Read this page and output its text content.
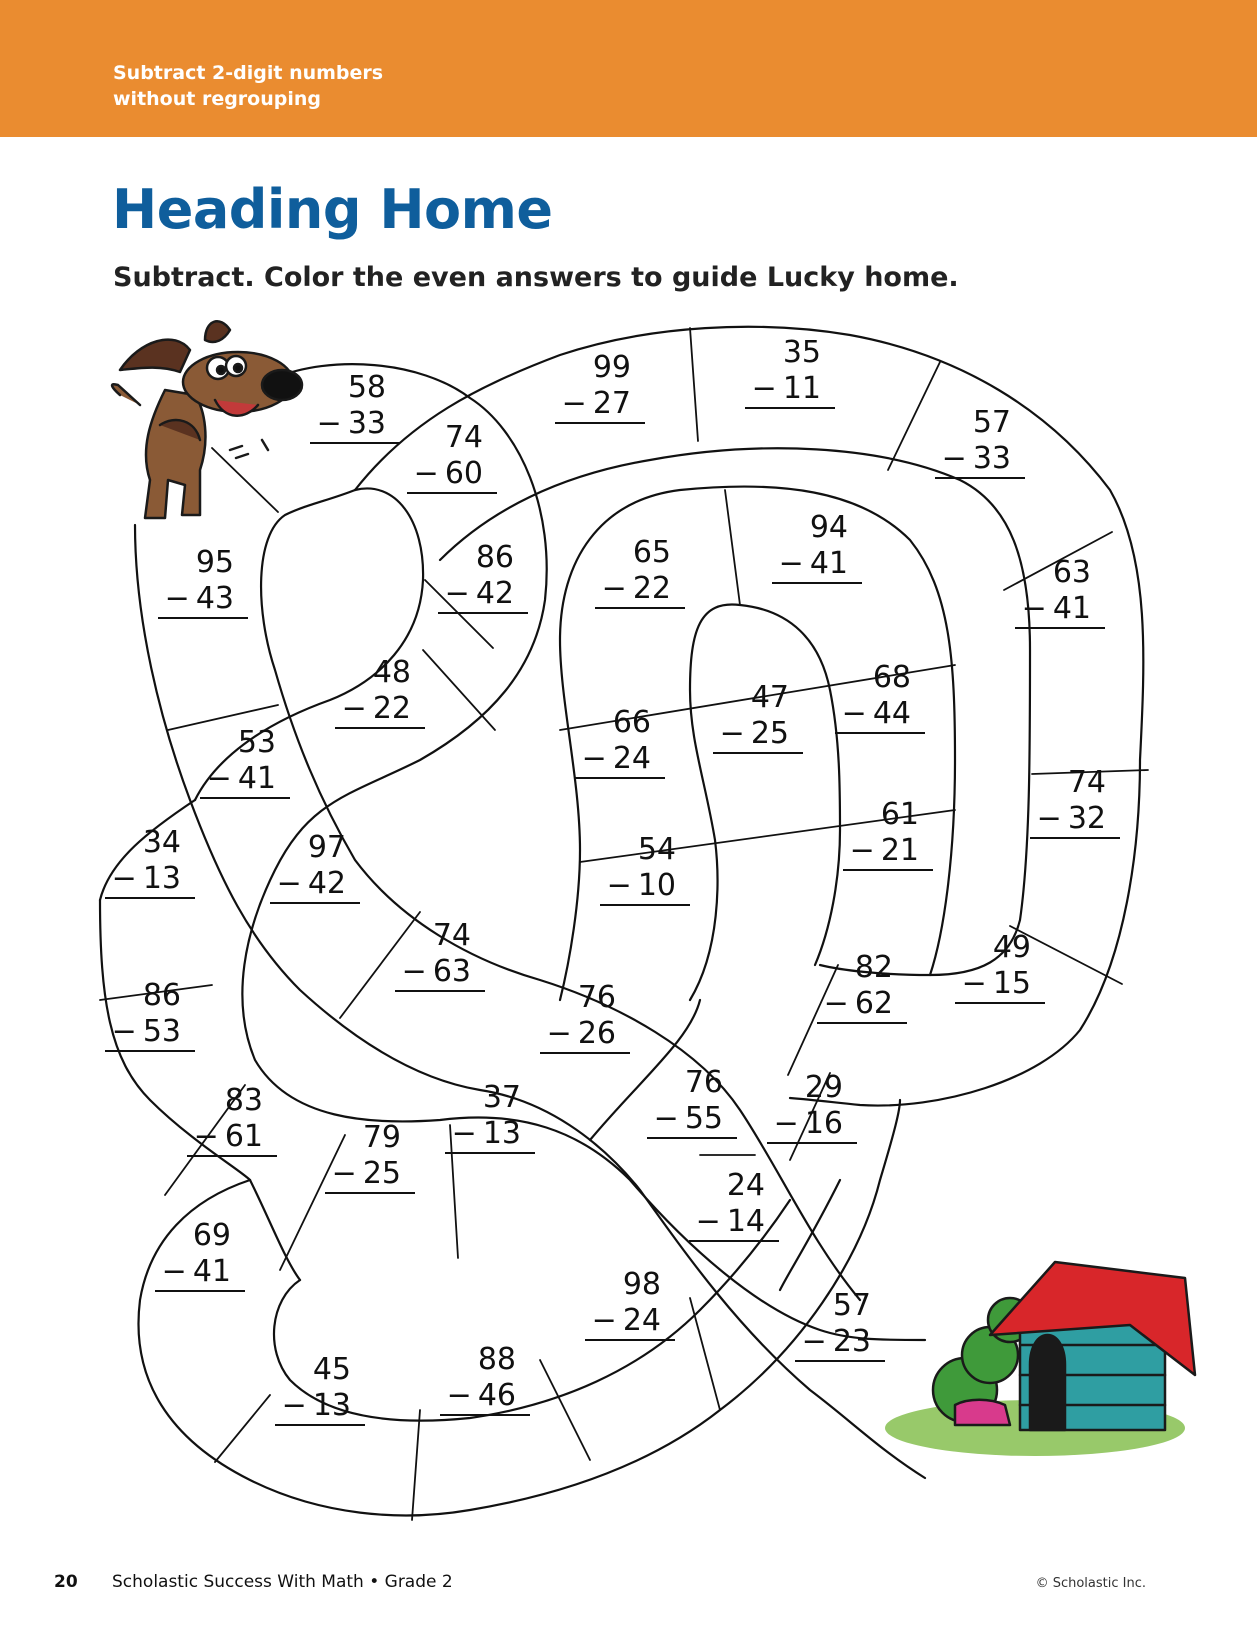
Subtract 2-digit numbers
without regrouping
Heading Home

Subtract. Color the even answers to guide Lucky home.

58
− 33	74
− 60
99
− 27
35
− 11
57
− 33
95
− 43
86
− 42
65
− 22
94
− 41	63
− 41
48
− 22
53
− 41
66
− 24
47
− 25
68
− 44
74
− 32
34
− 13
97
− 42
54
− 10
61
− 21
74
− 63
49
− 15
86
− 53
76
− 26
82
− 62
83
− 61
37
− 13
76
− 55
29
− 16
79
− 25	24
− 14
69
− 41	98
− 24	57
− 23
45
− 13
88
− 46
20 Scholastic Success With Math • Grade 2	© Scholastic Inc.
